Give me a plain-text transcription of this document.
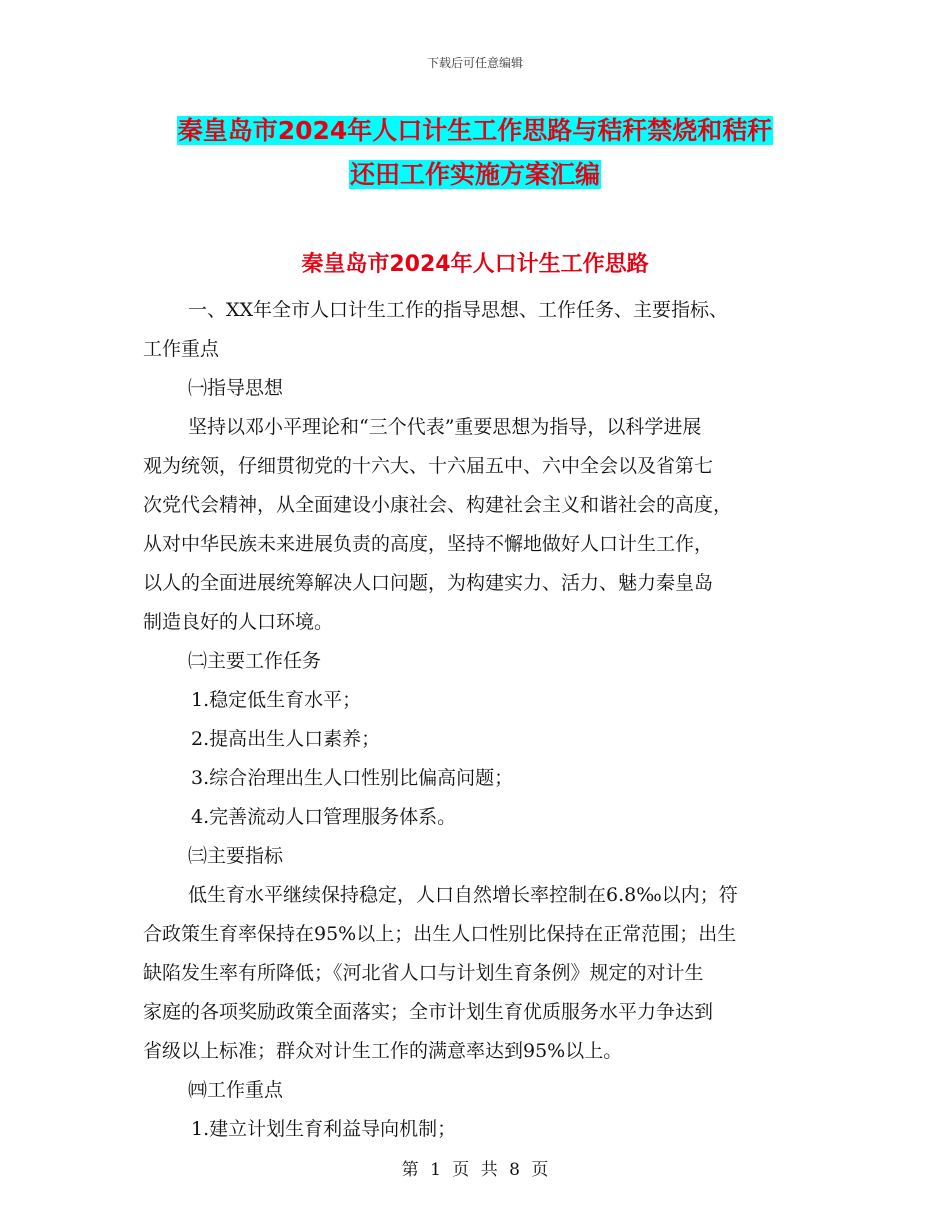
下载后可任意编辑
秦皇岛市2024年人口计生工作思路与秸秆禁烧和秸秆
还田工作实施方案汇编
秦皇岛市2024年人口计生工作思路
一、XX年全市人口计生工作的指导思想、工作任务、主要指标、
工作重点
㈠指导思想
坚持以邓小平理论和“三个代表”重要思想为指导，以科学进展
观为统领，仔细贯彻党的十六大、十六届五中、六中全会以及省第七
次党代会精神，从全面建设小康社会、构建社会主义和谐社会的高度，
从对中华民族未来进展负责的高度，坚持不懈地做好人口计生工作，
以人的全面进展统筹解决人口问题，为构建实力、活力、魅力秦皇岛
制造良好的人口环境。
㈡主要工作任务
1.稳定低生育水平；
2.提高出生人口素养；
3.综合治理出生人口性别比偏高问题；
4.完善流动人口管理服务体系。
㈢主要指标
低生育水平继续保持稳定，人口自然增长率控制在6.8‰以内；符
合政策生育率保持在95%以上；出生人口性别比保持在正常范围；出生
缺陷发生率有所降低；《河北省人口与计划生育条例》规定的对计生
家庭的各项奖励政策全面落实；全市计划生育优质服务水平力争达到
省级以上标准；群众对计生工作的满意率达到95%以上。
㈣工作重点
1.建立计划生育利益导向机制；
第 1 页 共 8 页
